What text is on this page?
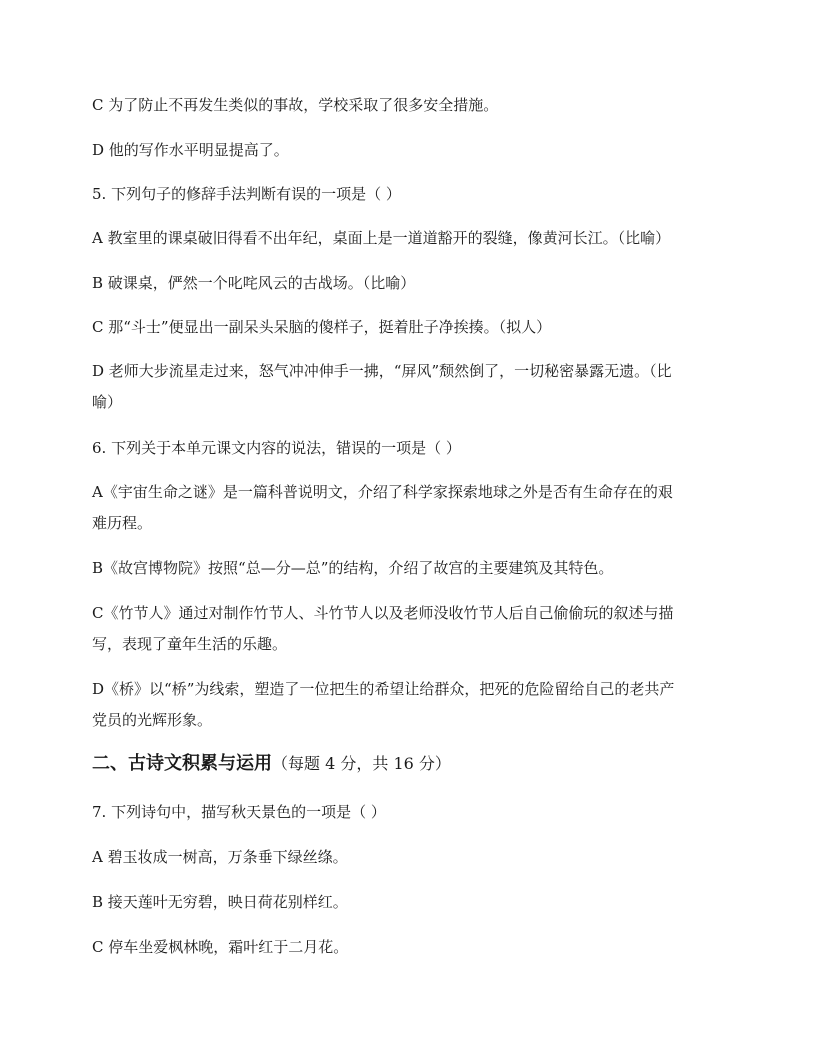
C 为了防止不再发生类似的事故，学校采取了很多安全措施。
D 他的写作水平明显提高了。
5. 下列句子的修辞手法判断有误的一项是（ ）
A 教室里的课桌破旧得看不出年纪，桌面上是一道道豁开的裂缝，像黄河长江。（比喻）
B 破课桌，俨然一个叱咤风云的古战场。（比喻）
C 那“斗士”便显出一副呆头呆脑的傻样子，挺着肚子净挨揍。（拟人）
D 老师大步流星走过来，怒气冲冲伸手一拂，“屏风”颓然倒了，一切秘密暴露无遗。（比
喻）
6. 下列关于本单元课文内容的说法，错误的一项是（ ）
A《宇宙生命之谜》是一篇科普说明文，介绍了科学家探索地球之外是否有生命存在的艰
难历程。
B《故宫博物院》按照“总—分—总”的结构，介绍了故宫的主要建筑及其特色。
C《竹节人》通过对制作竹节人、斗竹节人以及老师没收竹节人后自己偷偷玩的叙述与描
写，表现了童年生活的乐趣。
D《桥》以“桥”为线索，塑造了一位把生的希望让给群众，把死的危险留给自己的老共产
党员的光辉形象。
二、古诗文积累与运用（每题 4 分，共 16 分）
7. 下列诗句中，描写秋天景色的一项是（ ）
A 碧玉妆成一树高，万条垂下绿丝绦。
B 接天莲叶无穷碧，映日荷花别样红。
C 停车坐爱枫林晚，霜叶红于二月花。
